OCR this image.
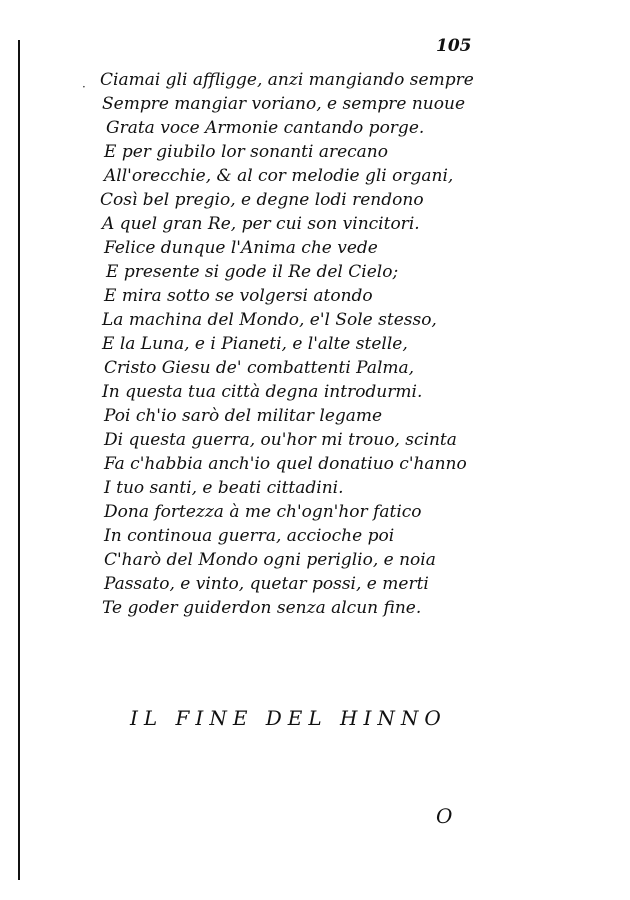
105
· Ciamai gli affligge, anzi mangiando sempre
Sempre mangiar voriano, e sempre nuoue
Grata voce Armonie cantando porge.
E per giubilo lor sonanti arecano
All'orecchie, & al cor melodie gli organi,
Così bel pregio, e degne lodi rendono
A quel gran Re, per cui son vincitori.
Felice dunque l'Anima che vede
E presente si gode il Re del Cielo;
E mira sotto se volgersi atondo
La machina del Mondo, e'l Sole stesso,
E la Luna, e i Pianeti, e l'alte stelle,
Cristo Giesu de' combattenti Palma,
In questa tua città degna introdurmi.
Poi ch'io sarò del militar legame
Di questa guerra, ou'hor mi trouo, scinta
Fa c'habbia anch'io quel donatiuo c'hanno
I tuo santi, e beati cittadini.
Dona fortezza à me ch'ogn'hor fatico
In continoua guerra, accioche poi
C'harò del Mondo ogni periglio, e noia
Passato, e vinto, quetar possi, e merti
Te goder guiderdon senza alcun fine.
IL FINE DEL HINNO
O
